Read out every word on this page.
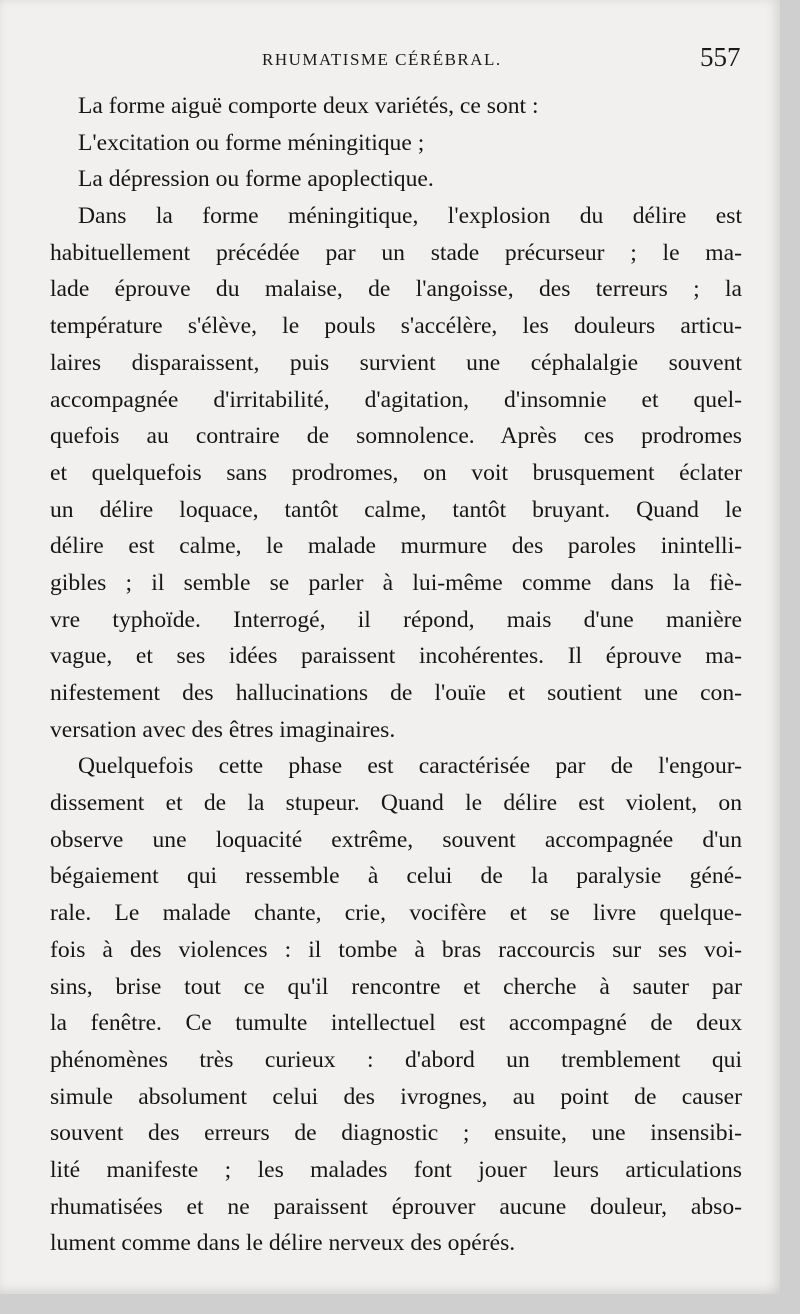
RHUMATISME CÉRÉBRAL.	557
La forme aiguë comporte deux variétés, ce sont :
L'excitation ou forme méningitique ;
La dépression ou forme apoplectique.
Dans la forme méningitique, l'explosion du délire est
habituellement précédée par un stade précurseur ; le ma-
lade éprouve du malaise, de l'angoisse, des terreurs ; la
température s'élève, le pouls s'accélère, les douleurs articu-
laires disparaissent, puis survient une céphalalgie souvent
accompagnée d'irritabilité, d'agitation, d'insomnie et quel-
quefois au contraire de somnolence. Après ces prodromes
et quelquefois sans prodromes, on voit brusquement éclater
un délire loquace, tantôt calme, tantôt bruyant. Quand le
délire est calme, le malade murmure des paroles inintelli-
gibles ; il semble se parler à lui-même comme dans la fiè-
vre typhoïde. Interrogé, il répond, mais d'une manière
vague, et ses idées paraissent incohérentes. Il éprouve ma-
nifestement des hallucinations de l'ouïe et soutient une con-
versation avec des êtres imaginaires.
Quelquefois cette phase est caractérisée par de l'engour-
dissement et de la stupeur. Quand le délire est violent, on
observe une loquacité extrême, souvent accompagnée d'un
bégaiement qui ressemble à celui de la paralysie géné-
rale. Le malade chante, crie, vocifère et se livre quelque-
fois à des violences : il tombe à bras raccourcis sur ses voi-
sins, brise tout ce qu'il rencontre et cherche à sauter par
la fenêtre. Ce tumulte intellectuel est accompagné de deux
phénomènes très curieux : d'abord un tremblement qui
simule absolument celui des ivrognes, au point de causer
souvent des erreurs de diagnostic ; ensuite, une insensibi-
lité manifeste ; les malades font jouer leurs articulations
rhumatisées et ne paraissent éprouver aucune douleur, abso-
lument comme dans le délire nerveux des opérés.
